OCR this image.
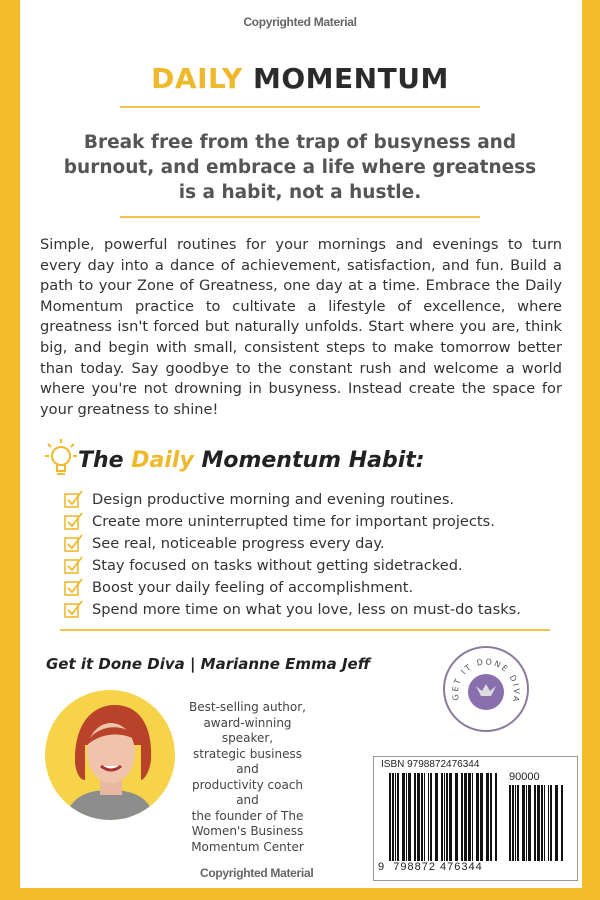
Copyrighted Material
DAILY MOMENTUM
Break free from the trap of busyness and burnout, and embrace a life where greatness is a habit, not a hustle.
Simple, powerful routines for your mornings and evenings to turn every day into a dance of achievement, satisfaction, and fun. Build a path to your Zone of Greatness, one day at a time. Embrace the Daily Momentum practice to cultivate a lifestyle of excellence, where greatness isn't forced but naturally unfolds. Start where you are, think big, and begin with small, consistent steps to make tomorrow better than today. Say goodbye to the constant rush and welcome a world where you're not drowning in busyness. Instead create the space for your greatness to shine!
The Daily Momentum Habit:
Design productive morning and evening routines.
Create more uninterrupted time for important projects.
See real, noticeable progress every day.
Stay focused on tasks without getting sidetracked.
Boost your daily feeling of accomplishment.
Spend more time on what you love, less on must-do tasks.
Get it Done Diva | Marianne Emma Jeff
Best-selling author,
award-winning speaker,
strategic business and
productivity coach and
the founder of The
Women's Business
Momentum Center
GET IT DONE DIVA
ISBN 9798872476344
90000
9 798872 476344
Copyrighted Material
